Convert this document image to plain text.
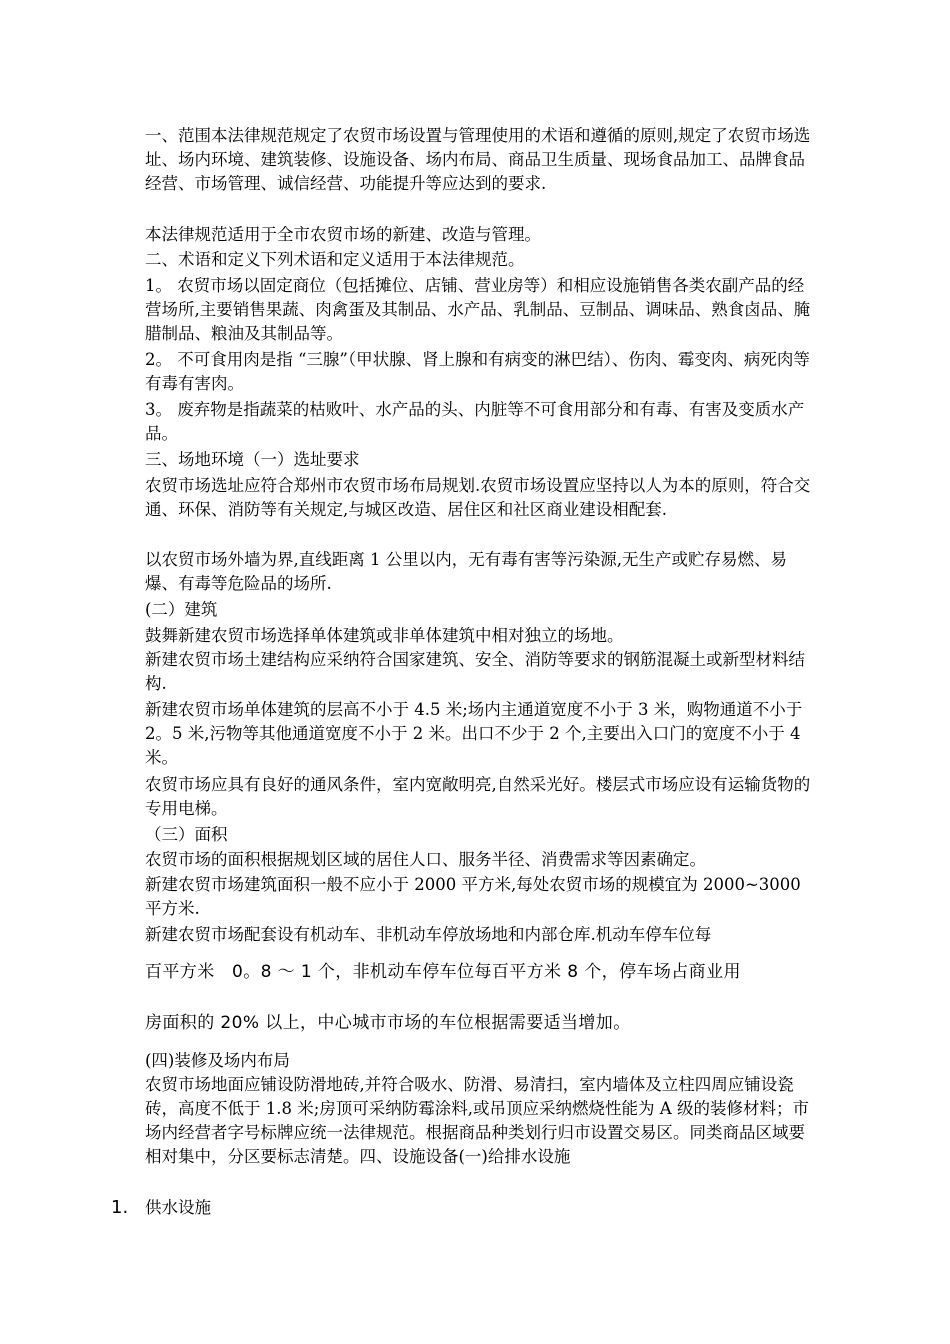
一、范围本法律规范规定了农贸市场设置与管理使用的术语和遵循的原则,规定了农贸市场选址、场内环境、建筑装修、设施设备、场内布局、商品卫生质量、现场食品加工、品牌食品经营、市场管理、诚信经营、功能提升等应达到的要求.

本法律规范适用于全市农贸市场的新建、改造与管理。

二、术语和定义下列术语和定义适用于本法律规范。

1。 农贸市场以固定商位（包括摊位、店铺、营业房等）和相应设施销售各类农副产品的经营场所,主要销售果蔬、肉禽蛋及其制品、水产品、乳制品、豆制品、调味品、熟食卤品、腌腊制品、粮油及其制品等。

2。 不可食用肉是指 “三腺”（甲状腺、肾上腺和有病变的淋巴结）、伤肉、霉变肉、病死肉等有毒有害肉。

3。 废弃物是指蔬菜的枯败叶、水产品的头、内脏等不可食用部分和有毒、有害及变质水产品。

三、场地环境（一）选址要求

农贸市场选址应符合郑州市农贸市场布局规划.农贸市场设置应坚持以人为本的原则，符合交通、环保、消防等有关规定,与城区改造、居住区和社区商业建设相配套.

以农贸市场外墙为界,直线距离 1 公里以内，无有毒有害等污染源,无生产或贮存易燃、易爆、有毒等危险品的场所.

(二）建筑

鼓舞新建农贸市场选择单体建筑或非单体建筑中相对独立的场地。

新建农贸市场土建结构应采纳符合国家建筑、安全、消防等要求的钢筋混凝土或新型材料结构.

新建农贸市场单体建筑的层高不小于 4.5 米;场内主通道宽度不小于 3 米，购物通道不小于 2。5 米,污物等其他通道宽度不小于 2 米。出口不少于 2 个,主要出入口门的宽度不小于 4 米。

农贸市场应具有良好的通风条件，室内宽敞明亮,自然采光好。楼层式市场应设有运输货物的专用电梯。

（三）面积

农贸市场的面积根据规划区域的居住人口、服务半径、消费需求等因素确定。

新建农贸市场建筑面积一般不应小于 2000 平方米,每处农贸市场的规模宜为 2000~3000 平方米.

新建农贸市场配套设有机动车、非机动车停放场地和内部仓库.机动车停车位每

百平方米　0。8 ～ 1 个，非机动车停车位每百平方米 8 个，停车场占商业用

房面积的 20% 以上，中心城市市场的车位根据需要适当增加。

(四)装修及场内布局

农贸市场地面应铺设防滑地砖,并符合吸水、防滑、易清扫，室内墙体及立柱四周应铺设瓷砖，高度不低于 1.8 米;房顶可采纳防霉涂料,或吊顶应采纳燃烧性能为 A 级的装修材料；市场内经营者字号标牌应统一法律规范。根据商品种类划行归市设置交易区。同类商品区域要相对集中，分区要标志清楚。四、设施设备(一)给排水设施

1. 供水设施
